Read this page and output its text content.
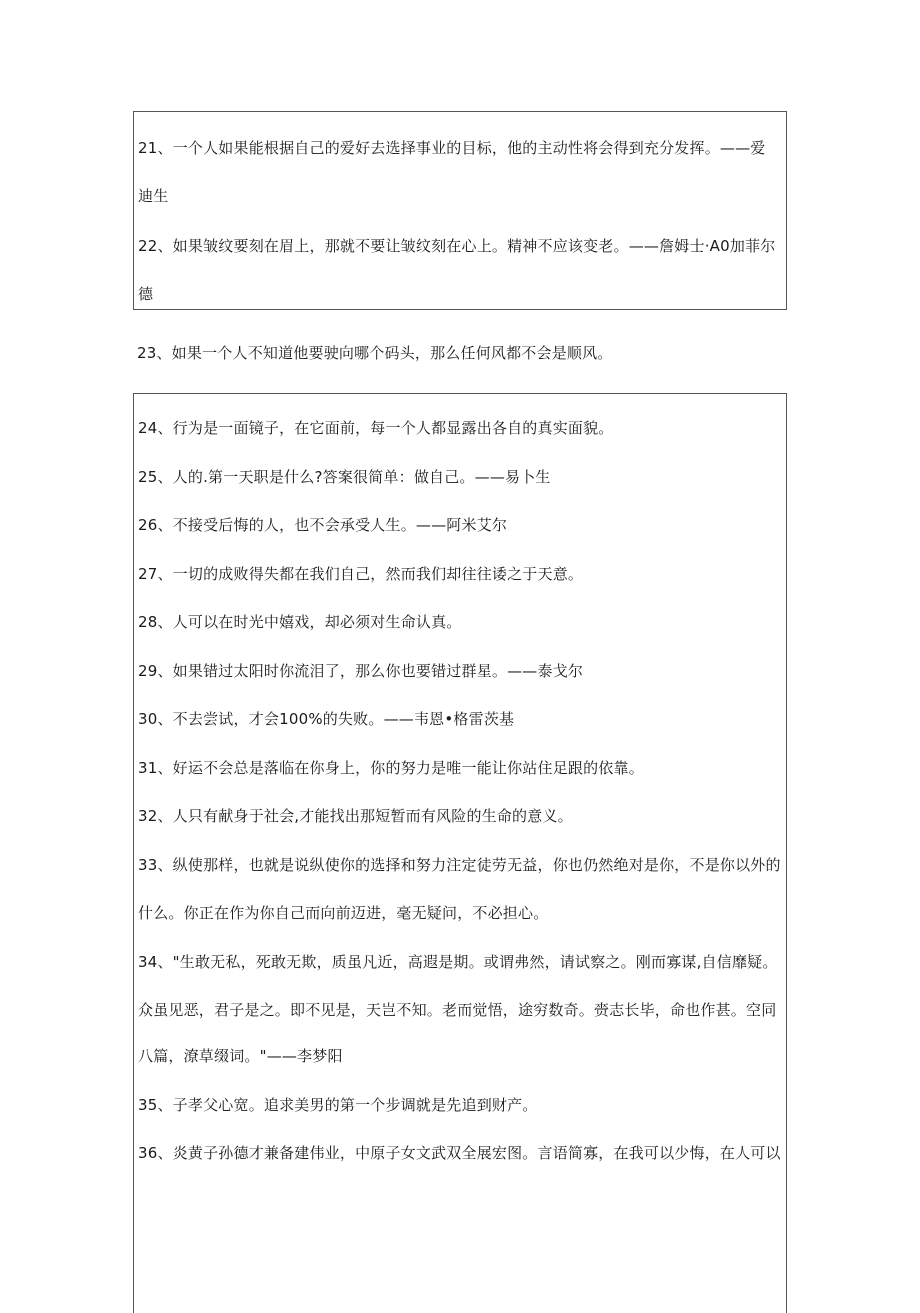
21、一个人如果能根据自己的爱好去选择事业的目标，他的主动性将会得到充分发挥。——爱
迪生
22、如果皱纹要刻在眉上，那就不要让皱纹刻在心上。精神不应该变老。——詹姆士·A0加菲尔
德
23、如果一个人不知道他要驶向哪个码头，那么任何风都不会是顺风。
24、行为是一面镜子，在它面前，每一个人都显露出各自的真实面貌。
25、人的.第一天职是什么?答案很简单：做自己。——易卜生
26、不接受后悔的人，也不会承受人生。——阿米艾尔
27、一切的成败得失都在我们自己，然而我们却往往诿之于天意。
28、人可以在时光中嬉戏，却必须对生命认真。
29、如果错过太阳时你流泪了，那么你也要错过群星。——泰戈尔
30、不去尝试，才会100%的失败。——韦恩•格雷茨基
31、好运不会总是落临在你身上，你的努力是唯一能让你站住足跟的依靠。
32、人只有献身于社会,才能找出那短暂而有风险的生命的意义。
33、纵使那样，也就是说纵使你的选择和努力注定徒劳无益，你也仍然绝对是你，不是你以外的
什么。你正在作为你自己而向前迈进，毫无疑问，不必担心。
34、"生敢无私，死敢无欺，质虽凡近，高遐是期。或谓弗然，请试察之。刚而寡谋,自信靡疑。
众虽见恶，君子是之。即不见是，天岂不知。老而觉悟，途穷数奇。赍志长毕，命也作甚。空同
八篇，潦草缀词。"——李梦阳
35、子孝父心宽。追求美男的第一个步调就是先追到财产。
36、炎黄子孙德才兼备建伟业，中原子女文武双全展宏图。言语简寡，在我可以少悔，在人可以
